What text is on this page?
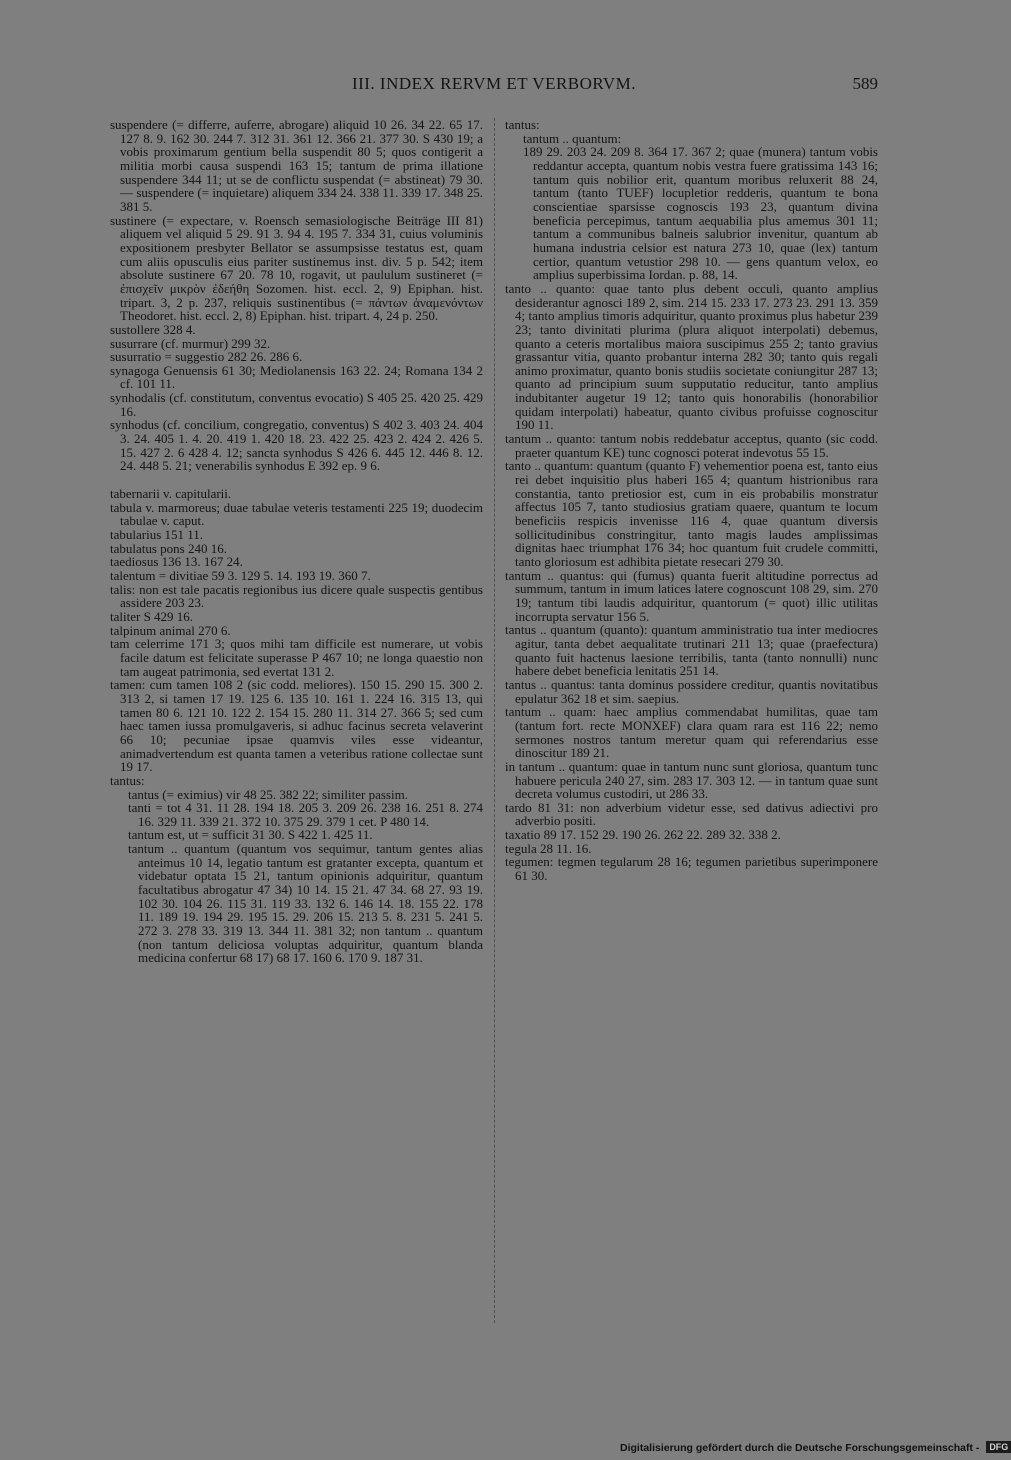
III. INDEX RERVM ET VERBORVM.	589

suspendere (= differre, auferre, abrogare) aliquid 10 26. 34 22. 65 17. 127 8. 9. 162 30. 244 7. 312 31. 361 12. 366 21. 377 30. S 430 19; a vobis proximarum gentium bella suspendit 80 5; quos contigerit a militia morbi causa suspendi 163 15; tantum de prima illatione suspendere 344 11; ut se de conflictu suspendat (= abstineat) 79 30. — suspendere (= inquietare) aliquem 334 24. 338 11. 339 17. 348 25. 381 5.

sustinere (= expectare, v. Roensch semasiologische Beiträge III 81) aliquem vel aliquid 5 29. 91 3. 94 4. 195 7. 334 31, cuius voluminis expositionem presbyter Bellator se assumpsisse testatus est, quam cum aliis opusculis eius pariter sustinemus inst. div. 5 p. 542; item absolute sustinere 67 20. 78 10, rogavit, ut paululum sustineret (= ἐπισχεῖν μικρὸν ἐδεήθη Sozomen. hist. eccl. 2, 9) Epiphan. hist. tripart. 3, 2 p. 237, reliquis sustinentibus (= πάντων ἀναμενόντων Theodoret. hist. eccl. 2, 8) Epiphan. hist. tripart. 4, 24 p. 250.

sustollere 328 4.

susurrare (cf. murmur) 299 32.

susurratio = suggestio 282 26. 286 6.

synagoga Genuensis 61 30; Mediolanensis 163 22. 24; Romana 134 2 cf. 101 11.

synhodalis (cf. constitutum, conventus evocatio) S 405 25. 420 25. 429 16.

synhodus (cf. concilium, congregatio, conventus) S 402 3. 403 24. 404 3. 24. 405 1. 4. 20. 419 1. 420 18. 23. 422 25. 423 2. 424 2. 426 5. 15. 427 2. 6 428 4. 12; sancta synhodus S 426 6. 445 12. 446 8. 12. 24. 448 5. 21; venerabilis synhodus E 392 ep. 9 6.

tabernarii v. capitularii.

tabula v. marmoreus; duae tabulae veteris testamenti 225 19; duodecim tabulae v. caput.

tabularius 151 11.

tabulatus pons 240 16.

taediosus 136 13. 167 24.

talentum = divitiae 59 3. 129 5. 14. 193 19. 360 7.

talis: non est tale pacatis regionibus ius dicere quale suspectis gentibus assidere 203 23.

taliter S 429 16.

talpinum animal 270 6.

tam celerrime 171 3; quos mihi tam difficile est numerare, ut vobis facile datum est felicitate superasse P 467 10; ne longa quaestio non tam augeat patrimonia, sed evertat 131 2.

tamen: cum tamen 108 2 (sic codd. meliores). 150 15. 290 15. 300 2. 313 2, si tamen 17 19. 125 6. 135 10. 161 1. 224 16. 315 13, qui tamen 80 6. 121 10. 122 2. 154 15. 280 11. 314 27. 366 5; sed cum haec tamen iussa promulgaveris, si adhuc facinus secreta velaverint 66 10; pecuniae ipsae quamvis viles esse videantur, animadvertendum est quanta tamen a veteribus ratione collectae sunt 19 17.

tantus:

tantus (= eximius) vir 48 25. 382 22; similiter passim.

tanti = tot 4 31. 11 28. 194 18. 205 3. 209 26. 238 16. 251 8. 274 16. 329 11. 339 21. 372 10. 375 29. 379 1 cet. P 480 14.

tantum est, ut = sufficit 31 30. S 422 1. 425 11.

tantum .. quantum (quantum vos sequimur, tantum gentes alias anteimus 10 14, legatio tantum est gratanter excepta, quantum et videbatur optata 15 21, tantum opinionis adquiritur, quantum facultatibus abrogatur 47 34) 10 14. 15 21. 47 34. 68 27. 93 19. 102 30. 104 26. 115 31. 119 33. 132 6. 146 14. 18. 155 22. 178 11. 189 19. 194 29. 195 15. 29. 206 15. 213 5. 8. 231 5. 241 5. 272 3. 278 33. 319 13. 344 11. 381 32; non tantum .. quantum (non tantum deliciosa voluptas adquiritur, quantum blanda medicina confertur 68 17) 68 17. 160 6. 170 9. 187 31.

tantus:

tantum .. quantum:

189 29. 203 24. 209 8. 364 17. 367 2; quae (munera) tantum vobis reddantur accepta, quantum nobis vestra fuere gratissima 143 16; tantum quis nobilior erit, quantum moribus reluxerit 88 24, tantum (tanto TUEF) locupletior redderis, quantum te bona conscientiae sparsisse cognoscis 193 23, quantum divina beneficia percepimus, tantum aequabilia plus amemus 301 11; tantum a communibus balneis salubrior invenitur, quantum ab humana industria celsior est natura 273 10, quae (lex) tantum certior, quantum vetustior 298 10. — gens quantum velox, eo amplius superbissima Iordan. p. 88, 14.

tanto .. quanto: quae tanto plus debent occuli, quanto amplius desiderantur agnosci 189 2, sim. 214 15. 233 17. 273 23. 291 13. 359 4; tanto amplius timoris adquiritur, quanto proximus plus habetur 239 23; tanto divinitati plurima (plura aliquot interpolati) debemus, quanto a ceteris mortalibus maiora suscipimus 255 2; tanto gravius grassantur vitia, quanto probantur interna 282 30; tanto quis regali animo proximatur, quanto bonis studiis societate coniungitur 287 13; quanto ad principium suum supputatio reducitur, tanto amplius indubitanter augetur 19 12; tanto quis honorabilis (honorabilior quidam interpolati) habeatur, quanto civibus profuisse cognoscitur 190 11.

tantum .. quanto: tantum nobis reddebatur acceptus, quanto (sic codd. praeter quantum KE) tunc cognosci poterat indevotus 55 15.

tanto .. quantum: quantum (quanto F) vehementior poena est, tanto eius rei debet inquisitio plus haberi 165 4; quantum histrionibus rara constantia, tanto pretiosior est, cum in eis probabilis monstratur affectus 105 7, tanto studiosius gratiam quaere, quantum te locum beneficiis respicis invenisse 116 4, quae quantum diversis sollicitudinibus constringitur, tanto magis laudes amplissimas dignitas haec triumphat 176 34; hoc quantum fuit crudele committi, tanto gloriosum est adhibita pietate resecari 279 30.

tantum .. quantus: qui (fumus) quanta fuerit altitudine porrectus ad summum, tantum in imum latices latere cognoscunt 108 29, sim. 270 19; tantum tibi laudis adquiritur, quantorum (= quot) illic utilitas incorrupta servatur 156 5.

tantus .. quantum (quanto): quantum amministratio tua inter mediocres agitur, tanta debet aequalitate trutinari 211 13; quae (praefectura) quanto fuit hactenus laesione terribilis, tanta (tanto nonnulli) nunc habere debet beneficia lenitatis 251 14.

tantus .. quantus: tanta dominus possidere creditur, quantis novitatibus epulatur 362 18 et sim. saepius.

tantum .. quam: haec amplius commendabat humilitas, quae tam (tantum fort. recte MONXEF) clara quam rara est 116 22; nemo sermones nostros tantum meretur quam qui referendarius esse dinoscitur 189 21.

in tantum .. quantum: quae in tantum nunc sunt gloriosa, quantum tunc habuere pericula 240 27, sim. 283 17. 303 12. — in tantum quae sunt decreta volumus custodiri, ut 286 33.

tardo 81 31: non adverbium videtur esse, sed dativus adiectivi pro adverbio positi.

taxatio 89 17. 152 29. 190 26. 262 22. 289 32. 338 2.

tegula 28 11. 16.

tegumen: tegmen tegularum 28 16; tegumen parietibus superimponere 61 30.

Digitalisierung gefördert durch die Deutsche Forschungsgemeinschaft - DFG
